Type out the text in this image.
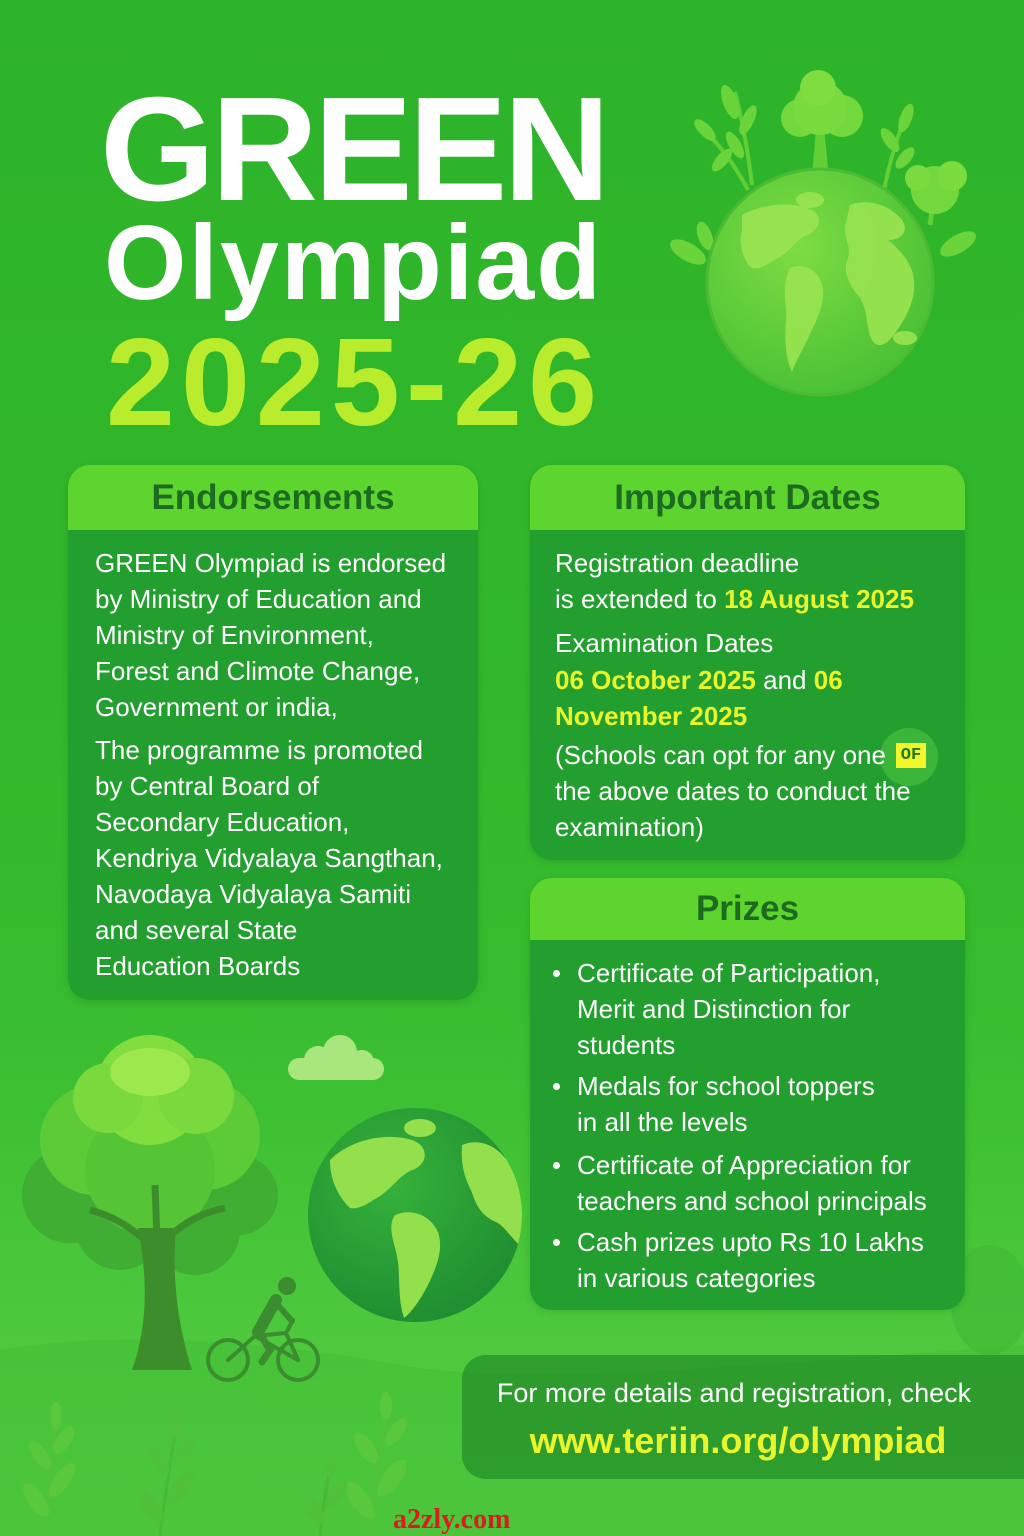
GREEN
Olympiad
2025-26
Endorsements
GREEN Olympiad is endorsed
by Ministry of Education and
Ministry of Environment,
Forest and Climote Change,
Government or india,
The programme is promoted
by Central Board of
Secondary Education,
Kendriya Vidyalaya Sangthan,
Navodaya Vidyalaya Samiti
and several State
Education Boards
Important Dates
Registration deadline
is extended to 18 August 2025
Examination Dates
06 October 2025 and 06
November 2025
(Schools can opt for any one OF
the above dates to conduct the
examination)
Prizes
Certificate of Participation,
Merit and Distinction for
students
Medals for school toppers
in all the levels
Certificate of Appreciation for
teachers and school principals
Cash prizes upto Rs 10 Lakhs
in various categories
For more details and registration, check
www.teriin.org/olympiad
a2zly.com
